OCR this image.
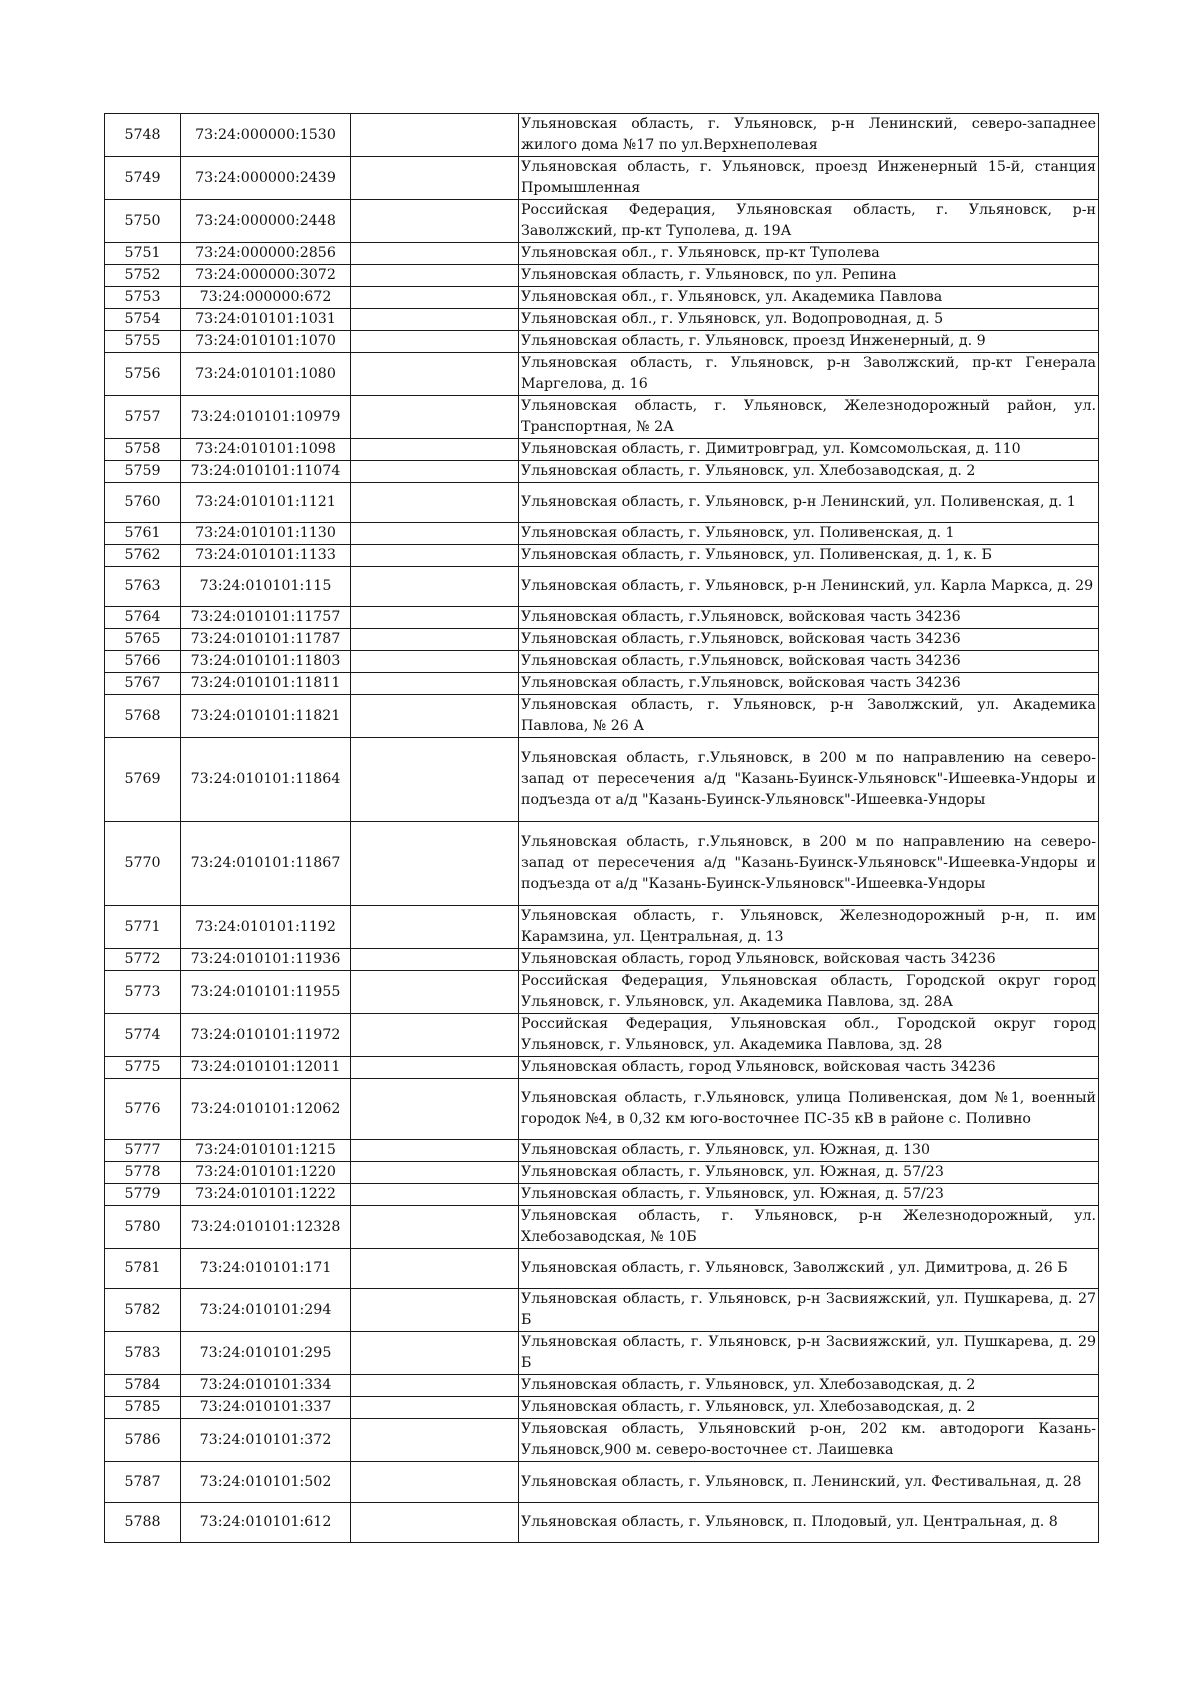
5748	73:24:000000:1530		Ульяновская область, г. Ульяновск, р-н Ленинский, северо-западнее жилого дома №17 по ул.Верхнеполевая
5749	73:24:000000:2439		Ульяновская область, г. Ульяновск, проезд Инженерный 15-й, станция Промышленная
5750	73:24:000000:2448		Российская Федерация, Ульяновская область, г. Ульяновск, р-н Заволжский, пр-кт Туполева, д. 19А
5751	73:24:000000:2856		Ульяновская обл., г. Ульяновск, пр-кт Туполева
5752	73:24:000000:3072		Ульяновская область, г. Ульяновск, по ул. Репина
5753	73:24:000000:672		Ульяновская обл., г. Ульяновск, ул. Академика Павлова
5754	73:24:010101:1031		Ульяновская обл., г. Ульяновск, ул. Водопроводная, д. 5
5755	73:24:010101:1070		Ульяновская область, г. Ульяновск, проезд Инженерный, д. 9
5756	73:24:010101:1080		Ульяновская область, г. Ульяновск, р-н Заволжский, пр-кт Генерала Маргелова, д. 16
5757	73:24:010101:10979		Ульяновская область, г. Ульяновск, Железнодорожный район, ул. Транспортная, № 2А
5758	73:24:010101:1098		Ульяновская область, г. Димитровград, ул. Комсомольская, д. 110
5759	73:24:010101:11074		Ульяновская область, г. Ульяновск, ул. Хлебозаводская, д. 2
5760	73:24:010101:1121		Ульяновская область, г. Ульяновск, р-н Ленинский, ул. Поливенская, д. 1
5761	73:24:010101:1130		Ульяновская область, г. Ульяновск, ул. Поливенская, д. 1
5762	73:24:010101:1133		Ульяновская область, г. Ульяновск, ул. Поливенская, д. 1, к. Б
5763	73:24:010101:115		Ульяновская область, г. Ульяновск, р-н Ленинский, ул. Карла Маркса, д. 29
5764	73:24:010101:11757		Ульяновская область, г.Ульяновск, войсковая часть 34236
5765	73:24:010101:11787		Ульяновская область, г.Ульяновск, войсковая часть 34236
5766	73:24:010101:11803		Ульяновская область, г.Ульяновск, войсковая часть 34236
5767	73:24:010101:11811		Ульяновская область, г.Ульяновск, войсковая часть 34236
5768	73:24:010101:11821		Ульяновская область, г. Ульяновск, р-н Заволжский, ул. Академика Павлова, № 26 А
5769	73:24:010101:11864		Ульяновская область, г.Ульяновск, в 200 м по направлению на северо-запад от пересечения а/д "Казань-Буинск-Ульяновск"-Ишеевка-Ундоры и подъезда от а/д "Казань-Буинск-Ульяновск"-Ишеевка-Ундоры
5770	73:24:010101:11867		Ульяновская область, г.Ульяновск, в 200 м по направлению на северо-запад от пересечения а/д "Казань-Буинск-Ульяновск"-Ишеевка-Ундоры и подъезда от а/д "Казань-Буинск-Ульяновск"-Ишеевка-Ундоры
5771	73:24:010101:1192		Ульяновская область, г. Ульяновск, Железнодорожный р-н, п. им Карамзина, ул. Центральная, д. 13
5772	73:24:010101:11936		Ульяновская область, город Ульяновск, войсковая часть 34236
5773	73:24:010101:11955		Российская Федерация, Ульяновская область, Городской округ город Ульяновск, г. Ульяновск, ул. Академика Павлова, зд. 28А
5774	73:24:010101:11972		Российская Федерация, Ульяновская обл., Городской округ город Ульяновск, г. Ульяновск, ул. Академика Павлова, зд. 28
5775	73:24:010101:12011		Ульяновская область, город Ульяновск, войсковая часть 34236
5776	73:24:010101:12062		Ульяновская область, г.Ульяновск, улица Поливенская, дом №1, военный городок №4, в 0,32 км юго-восточнее ПС-35 кВ в районе с. Поливно
5777	73:24:010101:1215		Ульяновская область, г. Ульяновск, ул. Южная, д. 130
5778	73:24:010101:1220		Ульяновская область, г. Ульяновск, ул. Южная, д. 57/23
5779	73:24:010101:1222		Ульяновская область, г. Ульяновск, ул. Южная, д. 57/23
5780	73:24:010101:12328		Ульяновская область, г. Ульяновск, р-н Железнодорожный, ул. Хлебозаводская, № 10Б
5781	73:24:010101:171		Ульяновская область, г. Ульяновск, Заволжский , ул. Димитрова, д. 26 Б
5782	73:24:010101:294		Ульяновская область, г. Ульяновск, р-н Засвияжский, ул. Пушкарева, д. 27 Б
5783	73:24:010101:295		Ульяновская область, г. Ульяновск, р-н Засвияжский, ул. Пушкарева, д. 29 Б
5784	73:24:010101:334		Ульяновская область, г. Ульяновск, ул. Хлебозаводская, д. 2
5785	73:24:010101:337		Ульяновская область, г. Ульяновск, ул. Хлебозаводская, д. 2
5786	73:24:010101:372		Ульяовская область, Ульяновский р-он, 202 км. автодороги Казань-Ульяновск,900 м. северо-восточнее ст. Лаишевка
5787	73:24:010101:502		Ульяновская область, г. Ульяновск, п. Ленинский, ул. Фестивальная, д. 28
5788	73:24:010101:612		Ульяновская область, г. Ульяновск, п. Плодовый, ул. Центральная, д. 8
